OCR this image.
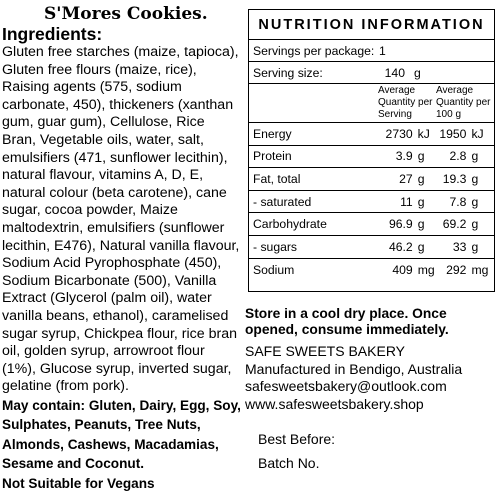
S'Mores Cookies.
Ingredients:

Gluten free starches (maize, tapioca), Gluten free flours (maize, rice), Raising agents (575, sodium carbonate, 450), thickeners (xanthan gum, guar gum), Cellulose, Rice Bran, Vegetable oils, water, salt, emulsifiers (471, sunflower lecithin), natural flavour, vitamins A, D, E, natural colour (beta carotene), cane sugar, cocoa powder, Maize maltodextrin, emulsifiers (sunflower lecithin, E476), Natural vanilla flavour, Sodium Acid Pyrophosphate (450), Sodium Bicarbonate (500), Vanilla Extract (Glycerol (palm oil), water vanilla beans, ethanol), caramelised sugar syrup, Chickpea flour, rice bran oil, golden syrup, arrowroot flour (1%), Glucose syrup, inverted sugar, gelatine (from pork).

May contain: Gluten, Dairy, Egg, Soy, Sulphates, Peanuts, Tree Nuts, Almonds, Cashews, Macadamias, Sesame and Coconut.

Not Suitable for Vegans

NUTRITION INFORMATION
Servings per package: 1
Serving size:	140 g
Average
Quantity per
Serving
Average
Quantity per
100 g
Energy	2730 kJ 1950 kJ
Protein	3.9 g	2.8 g
Fat, total	27 g	19.3 g
- saturated	11 g	7.8 g
Carbohydrate	96.9 g	69.2 g
- sugars	46.2 g	33 g
Sodium	409 mg 292 mg

Store in a cool dry place. Once opened, consume immediately.

SAFE SWEETS BAKERY
Manufactured in Bendigo, Australia
safesweetsbakery@outlook.com
www.safesweetsbakery.shop
Best Before:
Batch No.
